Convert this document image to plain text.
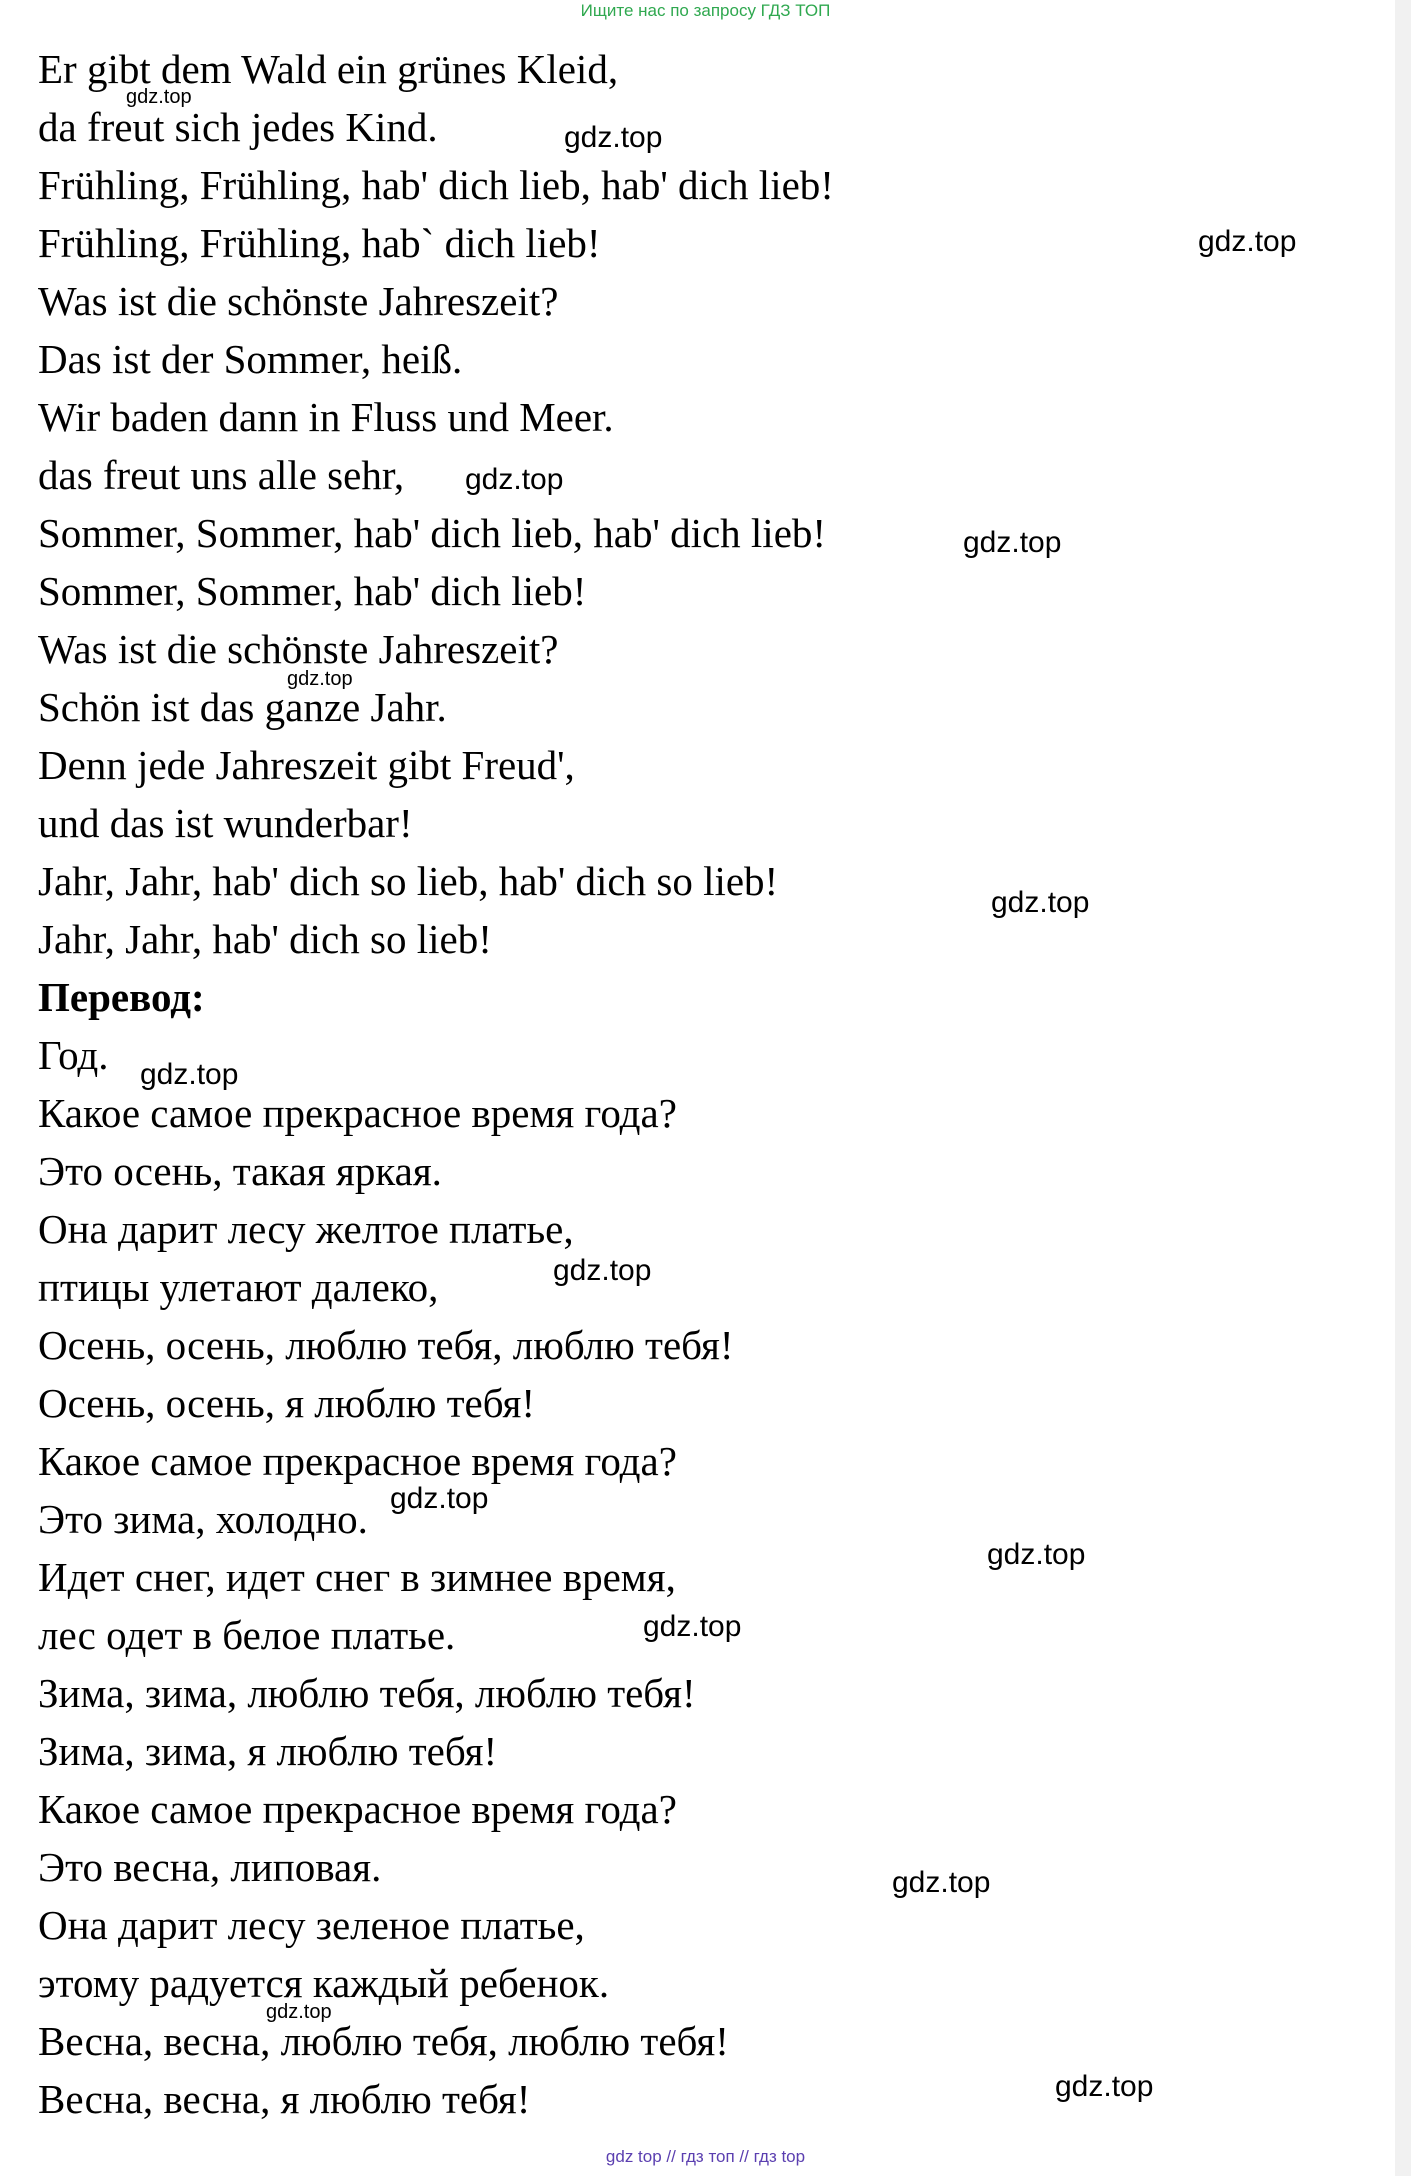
Ищите нас по запросу ГДЗ ТОП
Er gibt dem Wald ein grünes Kleid,
da freut sich jedes Kind.
Frühling, Frühling, hab' dich lieb, hab' dich lieb!
Frühling, Frühling, hab` dich lieb!
Was ist die schönste Jahreszeit?
Das ist der Sommer, heiß.
Wir baden dann in Fluss und Meer.
das freut uns alle sehr,
Sommer, Sommer, hab' dich lieb, hab' dich lieb!
Sommer, Sommer, hab' dich lieb!
Was ist die schönste Jahreszeit?
Schön ist das ganze Jahr.
Denn jede Jahreszeit gibt Freud',
und das ist wunderbar!
Jahr, Jahr, hab' dich so lieb, hab' dich so lieb!
Jahr, Jahr, hab' dich so lieb!
Перевод:
Год.
Какое самое прекрасное время года?
Это осень, такая яркая.
Она дарит лесу желтое платье,
птицы улетают далеко,
Осень, осень, люблю тебя, люблю тебя!
Осень, осень, я люблю тебя!
Какое самое прекрасное время года?
Это зима, холодно.
Идет снег, идет снег в зимнее время,
лес одет в белое платье.
Зима, зима, люблю тебя, люблю тебя!
Зима, зима, я люблю тебя!
Какое самое прекрасное время года?
Это весна, липовая.
Она дарит лесу зеленое платье,
этому радуется каждый ребенок.
Весна, весна, люблю тебя, люблю тебя!
Весна, весна, я люблю тебя!
gdz.top
gdz.top
gdz.top
gdz.top
gdz.top
gdz.top
gdz.top
gdz.top
gdz.top
gdz.top
gdz.top
gdz.top
gdz.top
gdz.top
gdz.top
gdz top // гдз топ // гдз top
